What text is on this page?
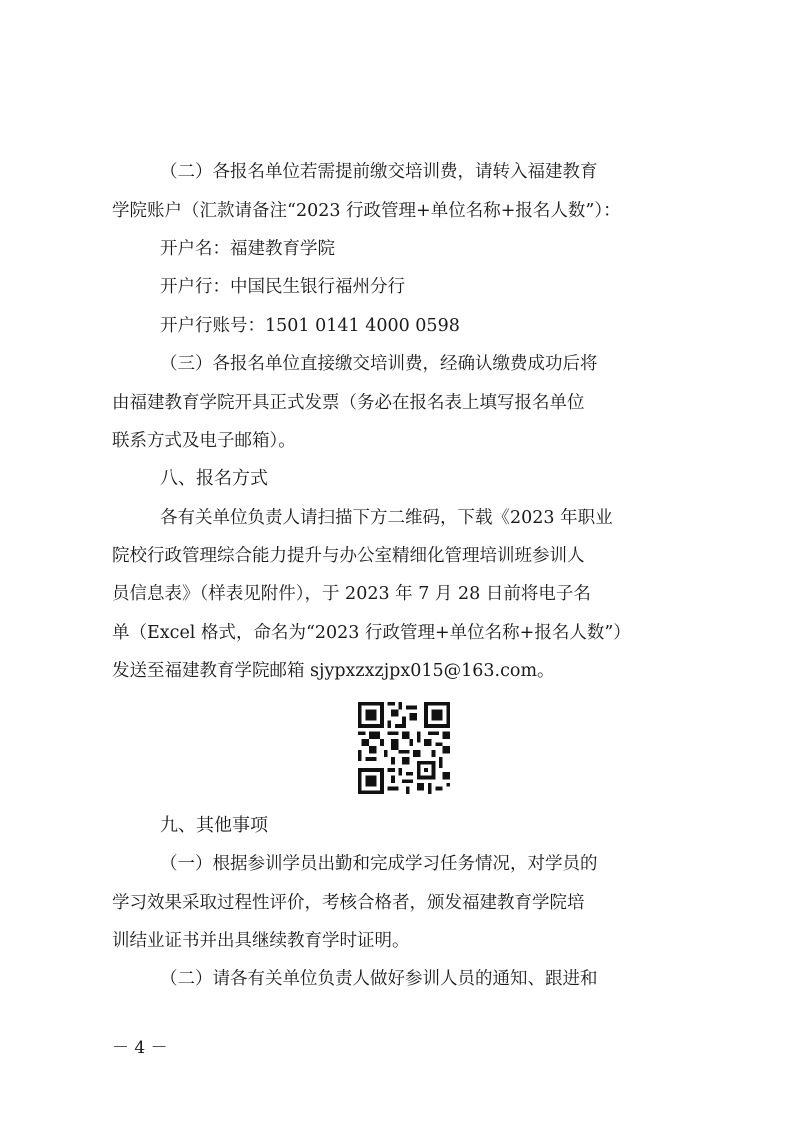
（二）各报名单位若需提前缴交培训费，请转入福建教育
学院账户（汇款请备注“2023 行政管理+单位名称+报名人数”）：
开户名：福建教育学院
开户行：中国民生银行福州分行
开户行账号：1501 0141 4000 0598
（三）各报名单位直接缴交培训费，经确认缴费成功后将
由福建教育学院开具正式发票（务必在报名表上填写报名单位
联系方式及电子邮箱）。
八、报名方式
各有关单位负责人请扫描下方二维码，下载《2023 年职业
院校行政管理综合能力提升与办公室精细化管理培训班参训人
员信息表》（样表见附件），于 2023 年 7 月 28 日前将电子名
单（Excel 格式，命名为“2023 行政管理+单位名称+报名人数”）
发送至福建教育学院邮箱 sjypxzxzjpx015@163.com。
九、其他事项
（一）根据参训学员出勤和完成学习任务情况，对学员的
学习效果采取过程性评价，考核合格者，颁发福建教育学院培
训结业证书并出具继续教育学时证明。
（二）请各有关单位负责人做好参训人员的通知、跟进和
－ 4 －
